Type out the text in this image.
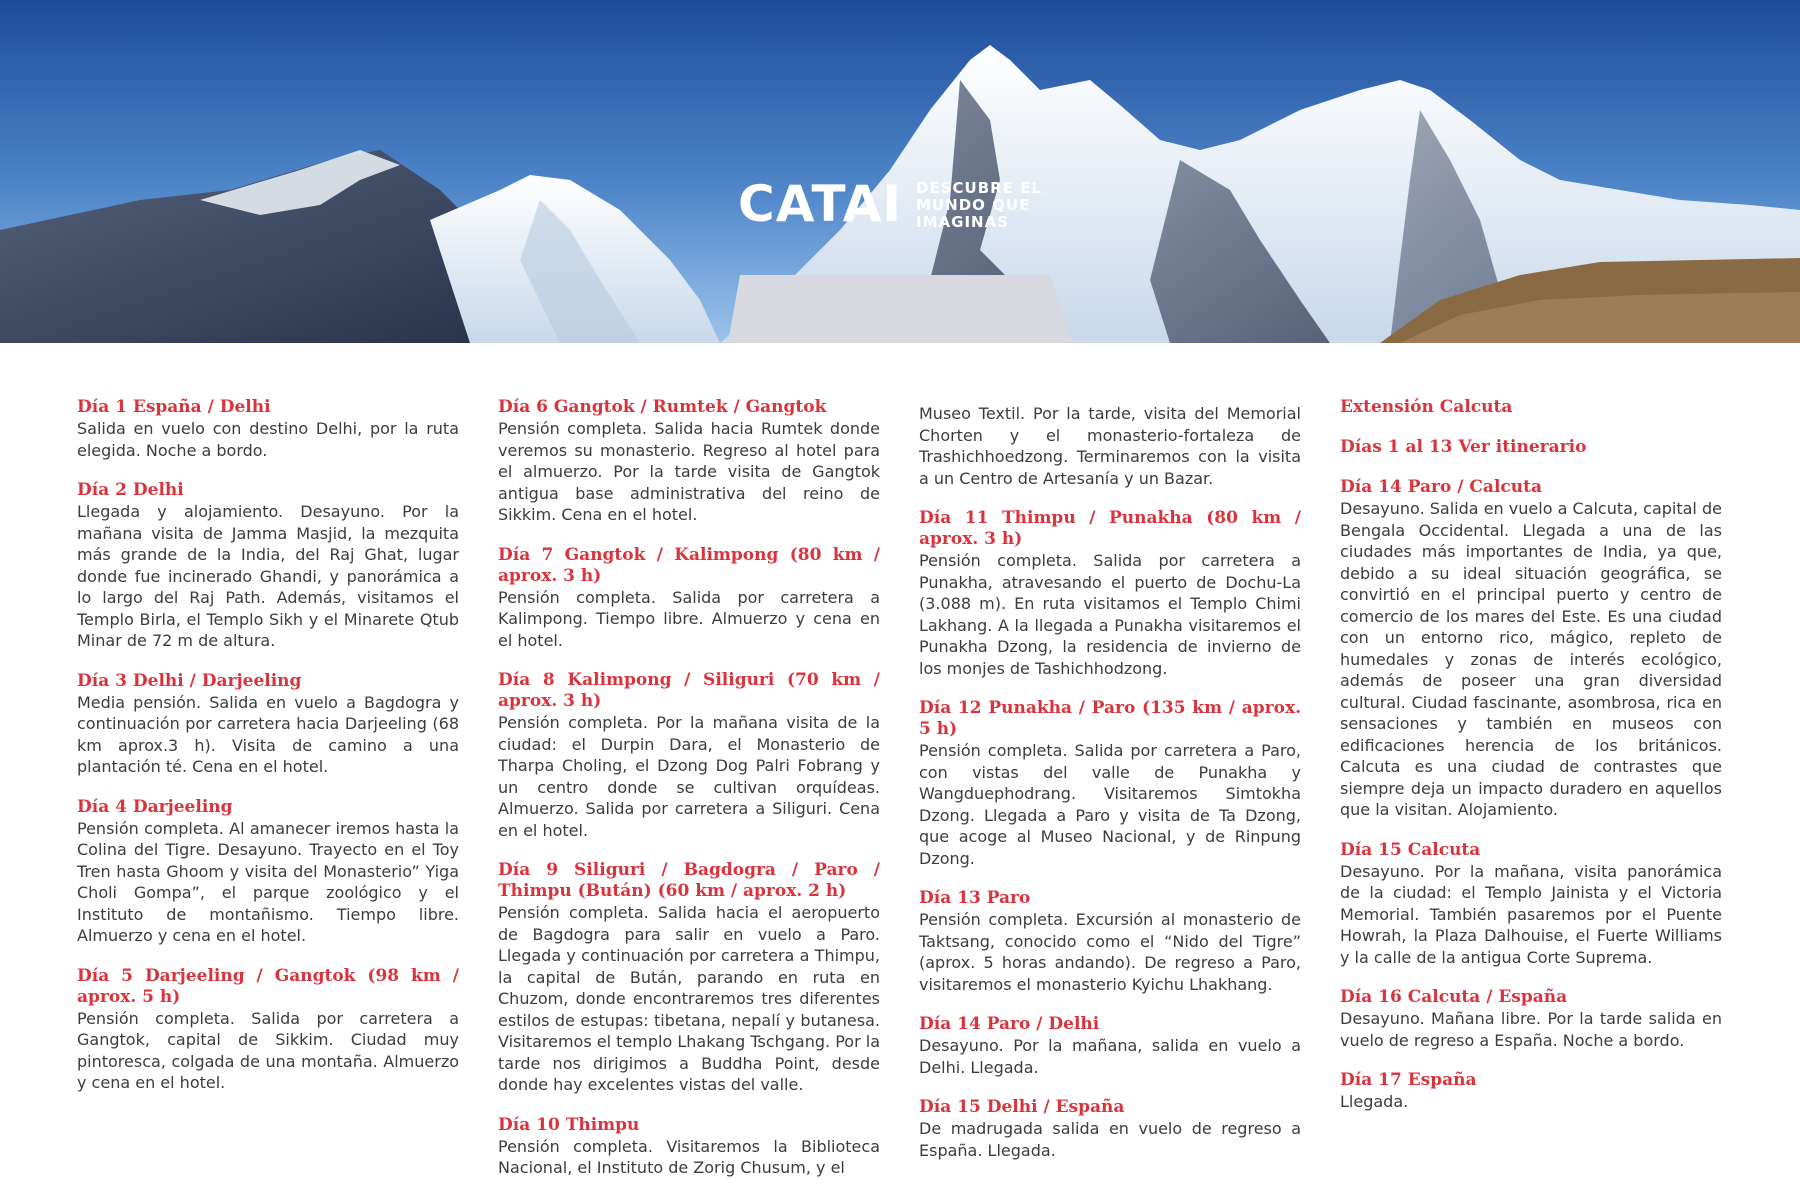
CATAI DESCUBRE EL
MUNDO QUE
IMAGINAS
Día 1 España / Delhi
Salida en vuelo con destino Delhi, por la ruta elegida. Noche a bordo.
Día 2 Delhi
Llegada y alojamiento. Desayuno. Por la mañana visita de Jamma Masjid, la mezquita más grande de la India, del Raj Ghat, lugar donde fue incinerado Ghandi, y panorámica a lo largo del Raj Path. Además, visitamos el Templo Birla, el Templo Sikh y el Minarete Qtub Minar de 72 m de altura.
Día 3 Delhi / Darjeeling
Media pensión. Salida en vuelo a Bagdogra y continuación por carretera hacia Darjeeling (68 km aprox.3 h). Visita de camino a una plantación té. Cena en el hotel.
Día 4 Darjeeling
Pensión completa. Al amanecer iremos hasta la Colina del Tigre. Desayuno. Trayecto en el Toy Tren hasta Ghoom y visita del Monasterio” Yiga Choli Gompa”, el parque zoológico y el Instituto de montañismo. Tiempo libre. Almuerzo y cena en el hotel.
Día 5 Darjeeling / Gangtok (98 km / aprox. 5 h)
Pensión completa. Salida por carretera a Gangtok, capital de Sikkim. Ciudad muy pintoresca, colgada de una montaña. Almuerzo y cena en el hotel.
Día 6 Gangtok / Rumtek / Gangtok
Pensión completa. Salida hacia Rumtek donde veremos su monasterio. Regreso al hotel para el almuerzo. Por la tarde visita de Gangtok antigua base administrativa del reino de Sikkim. Cena en el hotel.
Día 7 Gangtok / Kalimpong (80 km / aprox. 3 h)
Pensión completa. Salida por carretera a Kalimpong. Tiempo libre. Almuerzo y cena en el hotel.
Día 8 Kalimpong / Siliguri (70 km / aprox. 3 h)
Pensión completa. Por la mañana visita de la ciudad: el Durpin Dara, el Monasterio de Tharpa Choling, el Dzong Dog Palri Fobrang y un centro donde se cultivan orquídeas. Almuerzo. Salida por carretera a Siliguri. Cena en el hotel.
Día 9 Siliguri / Bagdogra / Paro / Thimpu (Bután) (60 km / aprox. 2 h)
Pensión completa. Salida hacia el aeropuerto de Bagdogra para salir en vuelo a Paro. Llegada y continuación por carretera a Thimpu, la capital de Bután, parando en ruta en Chuzom, donde encontraremos tres diferentes estilos de estupas: tibetana, nepalí y butanesa. Visitaremos el templo Lhakang Tschgang. Por la tarde nos dirigimos a Buddha Point, desde donde hay excelentes vistas del valle.
Día 10 Thimpu
Pensión completa. Visitaremos la Biblioteca Nacional, el Instituto de Zorig Chusum, y el
Museo Textil. Por la tarde, visita del Memorial Chorten y el monasterio-fortaleza de Trashichhoedzong. Terminaremos con la visita a un Centro de Artesanía y un Bazar.
Día 11 Thimpu / Punakha (80 km / aprox. 3 h)
Pensión completa. Salida por carretera a Punakha, atravesando el puerto de Dochu-La (3.088 m). En ruta visitamos el Templo Chimi Lakhang. A la llegada a Punakha visitaremos el Punakha Dzong, la residencia de invierno de los monjes de Tashichhodzong.
Día 12 Punakha / Paro (135 km / aprox. 5 h)
Pensión completa. Salida por carretera a Paro, con vistas del valle de Punakha y Wangduephodrang. Visitaremos Simtokha Dzong. Llegada a Paro y visita de Ta Dzong, que acoge al Museo Nacional, y de Rinpung Dzong.
Día 13 Paro
Pensión completa. Excursión al monasterio de Taktsang, conocido como el “Nido del Tigre” (aprox. 5 horas andando). De regreso a Paro, visitaremos el monasterio Kyichu Lhakhang.
Día 14 Paro / Delhi
Desayuno. Por la mañana, salida en vuelo a Delhi. Llegada.
Día 15 Delhi / España
De madrugada salida en vuelo de regreso a España. Llegada.
Extensión Calcuta
Días 1 al 13 Ver itinerario
Día 14 Paro / Calcuta
Desayuno. Salida en vuelo a Calcuta, capital de Bengala Occidental. Llegada a una de las ciudades más importantes de India, ya que, debido a su ideal situación geográfica, se convirtió en el principal puerto y centro de comercio de los mares del Este. Es una ciudad con un entorno rico, mágico, repleto de humedales y zonas de interés ecológico, además de poseer una gran diversidad cultural. Ciudad fascinante, asombrosa, rica en sensaciones y también en museos con edificaciones herencia de los británicos. Calcuta es una ciudad de contrastes que siempre deja un impacto duradero en aquellos que la visitan. Alojamiento.
Día 15 Calcuta
Desayuno. Por la mañana, visita panorámica de la ciudad: el Templo Jainista y el Victoria Memorial. También pasaremos por el Puente Howrah, la Plaza Dalhouise, el Fuerte Williams y la calle de la antigua Corte Suprema.
Día 16 Calcuta / España
Desayuno. Mañana libre. Por la tarde salida en vuelo de regreso a España. Noche a bordo.
Día 17 España
Llegada.
